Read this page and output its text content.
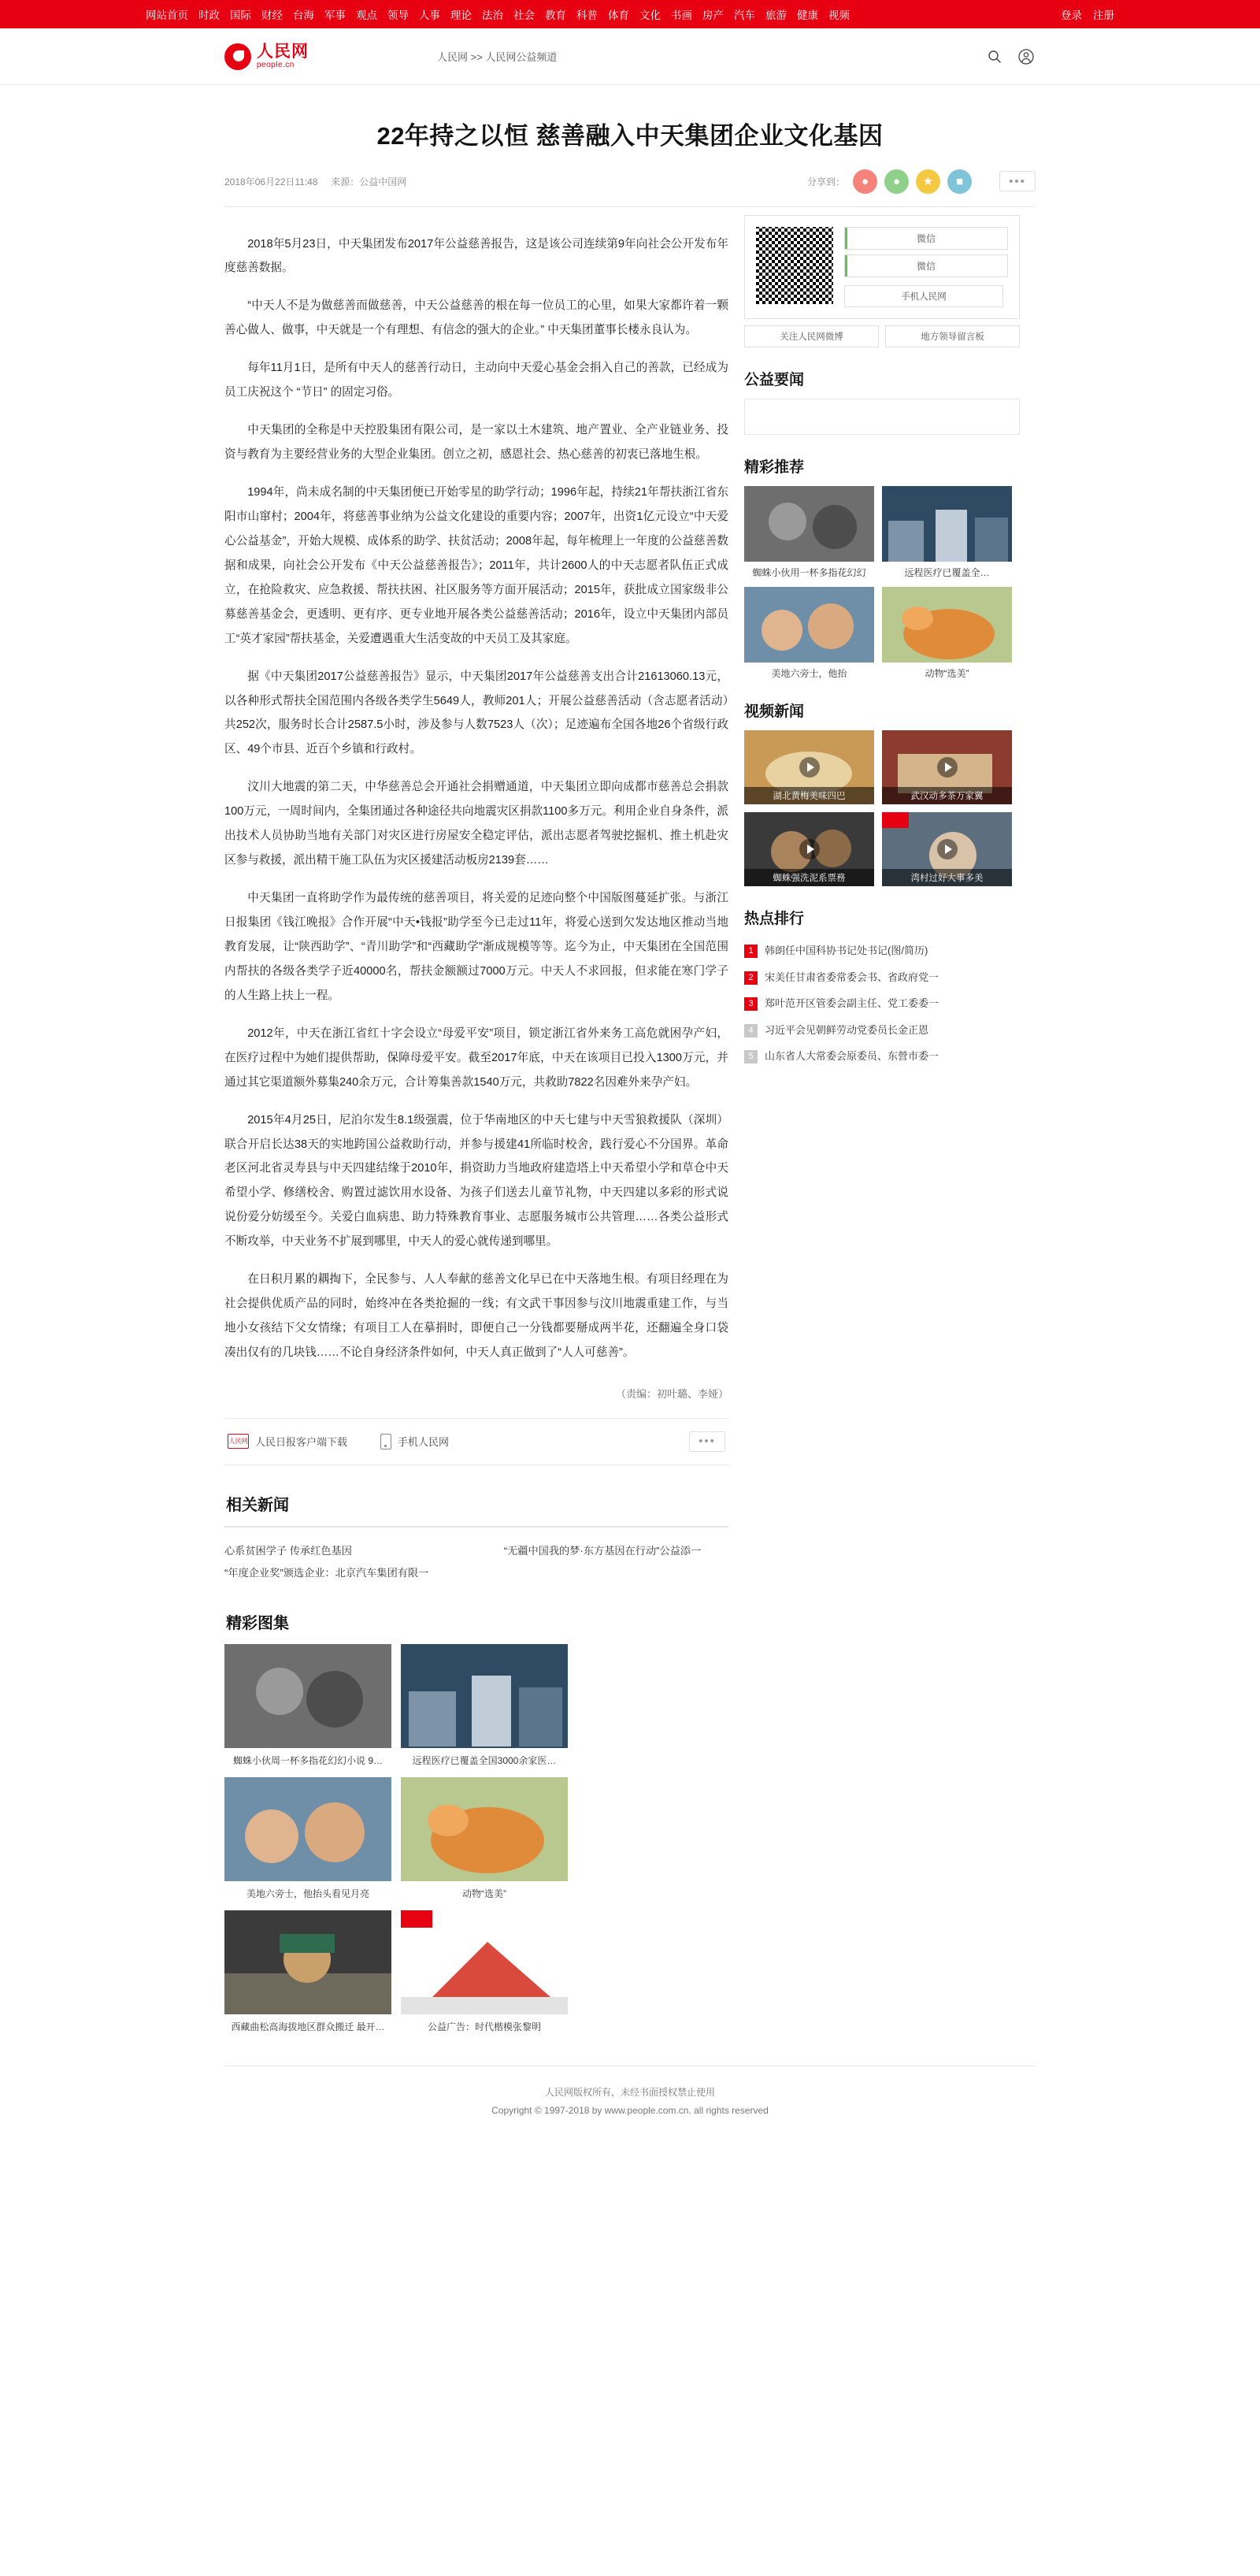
网站首页 时政 国际 财经 台海 军事 观点 领导 人事 理论 法治 社会 教育 科普 体育 文化 书画 房产 汽车 旅游 健康 视频	登录 注册
人民网
people.cn
人民网 >> 人民网公益频道
22年持之以恒 慈善融入中天集团企业文化基因
2018年06月22日11:48 来源：公益中国网	分享到：	●	●	★	■	•••

2018年5月23日，中天集团发布2017年公益慈善报告，这是该公司连续第9年向社会公开发布年度慈善数据。

“中天人不是为做慈善而做慈善，中天公益慈善的根在每一位员工的心里，如果大家都许着一颗善心做人、做事，中天就是一个有理想、有信念的强大的企业。” 中天集团董事长楼永良认为。

每年11月1日，是所有中天人的慈善行动日，主动向中天爱心基金会捐入自己的善款，已经成为员工庆祝这个 “节日” 的固定习俗。

中天集团的全称是中天控股集团有限公司，是一家以土木建筑、地产置业、全产业链业务、投资与教育为主要经营业务的大型企业集团。创立之初，感恩社会、热心慈善的初衷已落地生根。

1994年，尚未成名制的中天集团便已开始零星的助学行动；1996年起，持续21年帮扶浙江省东阳市山窜村；2004年，将慈善事业纳为公益文化建设的重要内容；2007年，出资1亿元设立“中天爱心公益基金”，开始大规模、成体系的助学、扶贫活动；2008年起，每年梳理上一年度的公益慈善数据和成果，向社会公开发布《中天公益慈善报告》；2011年，共计2600人的中天志愿者队伍正式成立，在抢险救灾、应急救援、帮扶扶困、社区服务等方面开展活动；2015年，获批成立国家级非公募慈善基金会，更透明、更有序、更专业地开展各类公益慈善活动；2016年，设立中天集团内部员工“英才家园”帮扶基金，关爱遭遇重大生活变故的中天员工及其家庭。

据《中天集团2017公益慈善报告》显示，中天集团2017年公益慈善支出合计21613060.13元，以各种形式帮扶全国范围内各级各类学生5649人，教师201人；开展公益慈善活动（含志愿者活动）共252次，服务时长合计2587.5小时，涉及参与人数7523人（次）；足迹遍布全国各地26个省级行政区、49个市县、近百个乡镇和行政村。

汶川大地震的第二天，中华慈善总会开通社会捐赠通道，中天集团立即向成都市慈善总会捐款100万元，一周时间内，全集团通过各种途径共向地震灾区捐款1100多万元。利用企业自身条件，派出技术人员协助当地有关部门对灾区进行房屋安全稳定评估，派出志愿者驾驶挖掘机、推土机赴灾区参与救援，派出精干施工队伍为灾区援建活动板房2139套……

中天集团一直将助学作为最传统的慈善项目，将关爱的足迹向整个中国版图蔓延扩张。与浙江日报集团《钱江晚报》合作开展“中天•钱报”助学至今已走过11年，将爱心送到欠发达地区推动当地教育发展，让“陕西助学”、“青川助学”和“西藏助学”渐成规模等等。迄今为止，中天集团在全国范围内帮扶的各级各类学子近40000名，帮扶金额额过7000万元。中天人不求回报，但求能在寒门学子的人生路上扶上一程。

2012年，中天在浙江省红十字会设立“母爱平安”项目，锁定浙江省外来务工高危就困孕产妇，在医疗过程中为她们提供帮助，保障母爱平安。截至2017年底，中天在该项目已投入1300万元，并通过其它渠道额外募集240余万元，合计筹集善款1540万元，共救助7822名因难外来孕产妇。

2015年4月25日，尼泊尔发生8.1级强震，位于华南地区的中天七建与中天雪狼救援队（深圳）联合开启长达38天的实地跨国公益救助行动，并参与援建41所临时校舍，践行爱心不分国界。革命老区河北省灵寿县与中天四建结缘于2010年，捐资助力当地政府建造塔上中天希望小学和草仓中天希望小学、修缮校舍、购置过滤饮用水设备、为孩子们送去儿童节礼物，中天四建以多彩的形式说说份爱分妨缓至今。关爱白血病患、助力特殊教育事业、志愿服务城市公共管理……各类公益形式不断攻举，中天业务不扩展到哪里，中天人的爱心就传递到哪里。

在日积月累的耦掏下，全民参与、人人奉献的慈善文化早已在中天落地生根。有项目经理在为社会提供优质产品的同时，始终冲在各类抢掘的一线；有文武干事因参与汶川地震重建工作，与当地小女孩结下父女情缘；有项目工人在摹捐时，即便自己一分钱都要掰成两半花，还翻遍全身口袋凑出仅有的几块钱……不论自身经济条件如何，中天人真正做到了“人人可慈善”。

（责编：初叶璐、李娅）
人民网 人民日报客户端下载	手机人民网	•••
相关新闻
心系贫困学子 传承红色基因	“无疆中国我的梦·东方基因在行动”公益添一
“年度企业奖”颁选企业：北京汽车集团有限一
精彩图集
蜘蛛小伙周一杯多指花幻幻小说 9…	远程医疗已覆盖全国3000余家医…
美地六旁士，他抬头看见月亮	动物“选美”
西藏曲松高海拔地区群众搬迁 最开…	公益广告：时代楷模张黎明
微信
微信
手机人民网
关注人民网微博	地方领导留言板
公益要闻
精彩推荐
蜘蛛小伙用一杯多指花幻幻	远程医疗已覆盖全…
美地六旁士，他抬	动物“选美”
视频新闻
湖北黄梅美味四巴	武汉动多茶万家翼
蜘蛛强洗泥系票務	湾村过好大事多美
热点排行
1	韩朗任中国科协书记处书记(图/简历)
2	宋美任甘肃省委常委会书、省政府党一
3	郑叶范开区管委会副主任、党工委委一
4	习近平会见朝鲜劳动党委员长金正恩
5	山东省人大常委会原委员、东營市委一
人民网版权所有，未经书面授权禁止使用
Copyright © 1997-2018 by www.people.com.cn. all rights reserved
